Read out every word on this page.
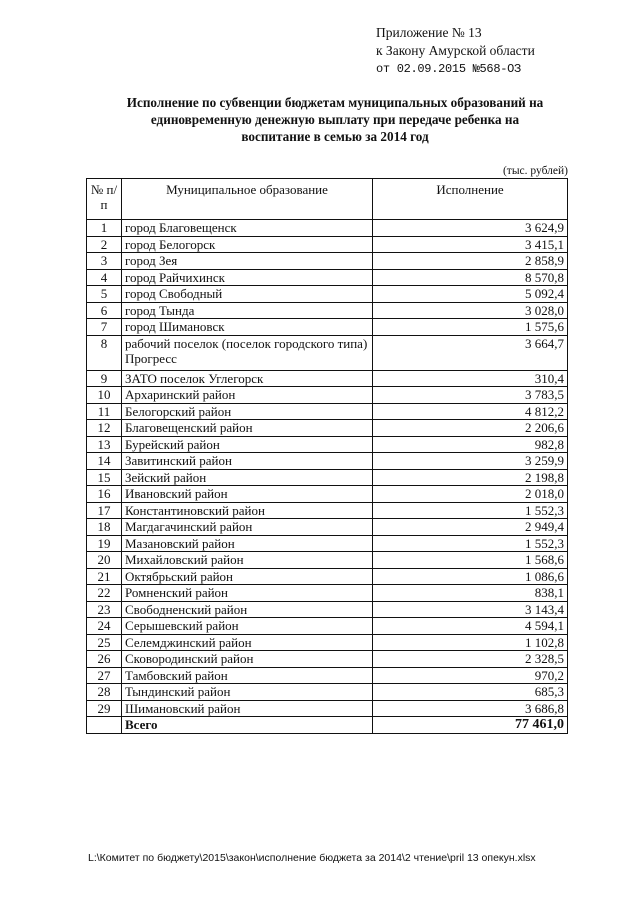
Приложение № 13
к Закону Амурской области
от 02.09.2015 №568-ОЗ
Исполнение по субвенции бюджетам муниципальных образований на
единовременную денежную выплату при передаче ребенка на
воспитание в семью за 2014 год
(тыс. рублей)
№ п/п	Муниципальное образование	Исполнение
1	город Благовещенск	3 624,9
2	город Белогорск	3 415,1
3	город Зея	2 858,9
4	город Райчихинск	8 570,8
5	город Свободный	5 092,4
6	город Тында	3 028,0
7	город Шимановск	1 575,6
8	рабочий поселок (поселок городского типа) Прогресс	3 664,7
9	ЗАТО поселок Углегорск	310,4
10	Архаринский район	3 783,5
11	Белогорский район	4 812,2
12	Благовещенский район	2 206,6
13	Бурейский район	982,8
14	Завитинский район	3 259,9
15	Зейский район	2 198,8
16	Ивановский район	2 018,0
17	Константиновский район	1 552,3
18	Магдагачинский район	2 949,4
19	Мазановский район	1 552,3
20	Михайловский район	1 568,6
21	Октябрьский район	1 086,6
22	Ромненский район	838,1
23	Свободненский район	3 143,4
24	Серышевский район	4 594,1
25	Селемджинский район	1 102,8
26	Сковородинский район	2 328,5
27	Тамбовский район	970,2
28	Тындинский район	685,3
29	Шимановский район	3 686,8
	Всего	77 461,0
L:\Комитет по бюджету\2015\закон\исполнение бюджета за 2014\2 чтение\pril 13 опекун.xlsx
